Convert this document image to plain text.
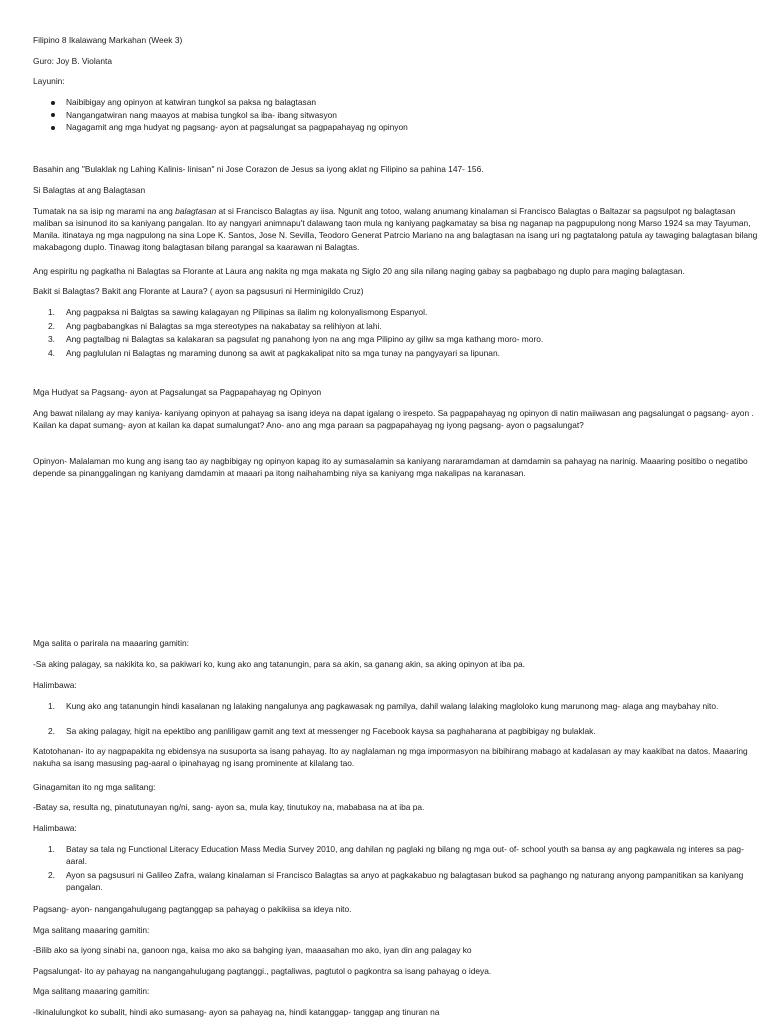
Filipino 8 Ikalawang Markahan (Week 3)

Guro: Joy B. Violanta

Layunin:

Naibibigay ang opinyon at katwiran tungkol sa paksa ng balagtasan
Nangangatwiran nang maayos at mabisa tungkol sa iba- ibang sitwasyon
Nagagamit ang mga hudyat ng pagsang- ayon at pagsalungat sa pagpapahayag ng opinyon

Basahin ang "Bulaklak ng Lahing Kalinis- linisan" ni Jose Corazon de Jesus sa iyong aklat ng Filipino sa pahina 147- 156.

Si Balagtas at ang Balagtasan

Tumatak na sa isip ng marami na ang balagtasan at si Francisco Balagtas ay iisa. Ngunit ang totoo, walang anumang kinalaman si Francisco Balagtas o Baltazar sa pagsulpot ng balagtasan maliban sa isinunod ito sa kaniyang pangalan. Ito ay nangyari animnapu't dalawang taon mula ng kaniyang pagkamatay sa bisa ng naganap na pagpupulong nong Marso 1924 sa may Tayuman, Manila. itinataya ng mga nagpulong na sina Lope K. Santos, Jose N. Sevilla, Teodoro Generat Patrcio Mariano na ang balagtasan na isang uri ng pagtatalong patula ay tawaging balagtasan bilang makabagong duplo. Tinawag itong balagtasan bilang parangal sa kaarawan ni Balagtas.

Ang espiritu ng pagkatha ni Balagtas sa Florante at Laura ang nakita ng mga makata ng Siglo 20 ang sila nilang naging gabay sa pagbabago ng duplo para maging balagtasan.

Bakit si Balagtas? Bakit ang Florante at Laura? ( ayon sa pagsusuri ni Herminigildo Cruz)

1. Ang pagpaksa ni Balgtas sa sawing kalagayan ng Pilipinas sa ilalim ng kolonyalismong Espanyol.
2. Ang pagbabangkas ni Balagtas sa mga stereotypes na nakabatay sa relihiyon at lahi.
3. Ang pagtalbag ni Balagtas sa kalakaran sa pagsulat ng panahong iyon na ang mga Pilipino ay giliw sa mga kathang moro- moro.
4. Ang paglululan ni Balagtas ng maraming dunong sa awit at pagkakalipat nito sa mga tunay na pangyayari sa lipunan.

Mga Hudyat sa Pagsang- ayon at Pagsalungat sa Pagpapahayag ng Opinyon

Ang bawat nilalang ay may kaniya- kaniyang opinyon at pahayag sa isang ideya na dapat igalang o irespeto. Sa pagpapahayag ng opinyon di natin maiiwasan ang pagsalungat o pagsang- ayon . Kailan ka dapat sumang- ayon at kailan ka dapat sumalungat? Ano- ano ang mga paraan sa pagpapahayag ng iyong pagsang- ayon o pagsalungat?

Opinyon- Malalaman mo kung ang isang tao ay nagbibigay ng opinyon kapag ito ay sumasalamin sa kaniyang nararamdaman at damdamin sa pahayag na narinig. Maaaring positibo o negatibo depende sa pinanggalingan ng kaniyang damdamin at maaari pa itong naihahambing niya sa kaniyang mga nakalipas na karanasan.

Mga salita o parirala na maaaring gamitin:

-Sa aking palagay, sa nakikita ko, sa pakiwari ko, kung ako ang tatanungin, para sa akin, sa ganang akin, sa aking opinyon at iba pa.

Halimbawa:

1. Kung ako ang tatanungin hindi kasalanan ng lalaking nangalunya ang pagkawasak ng pamilya, dahil walang lalaking magloloko kung marunong mag- alaga ang maybahay nito.
2. Sa aking palagay, higit na epektibo ang panliligaw gamit ang text at messenger ng Facebook kaysa sa paghaharana at pagbibigay ng bulaklak.

Katotohanan- ito ay nagpapakita ng ebidensya na susuporta sa isang pahayag. Ito ay naglalaman ng mga impormasyon na bibihirang mabago at kadalasan ay may kaakibat na datos. Maaaring nakuha sa isang masusing pag-aaral o ipinahayag ng isang prominente at kilalang tao.

Ginagamitan ito ng mga salitang:

-Batay sa, resulta ng, pinatutunayan ng/ni, sang- ayon sa, mula kay, tinutukoy na, mababasa na at iba pa.

Halimbawa:

1. Batay sa tala ng Functional Literacy Education Mass Media Survey 2010, ang dahilan ng paglaki ng bilang ng mga out- of- school youth sa bansa ay ang pagkawala ng interes sa pag- aaral.
2. Ayon sa pagsusuri ni Galileo Zafra, walang kinalaman si Francisco Balagtas sa anyo at pagkakabuo ng balagtasan bukod sa paghango ng naturang anyong pampanitikan sa kaniyang pangalan.

Pagsang- ayon- nangangahulugang pagtanggap sa pahayag o pakikiisa sa ideya nito.

Mga salitang maaaring gamitin:

-Bilib ako sa iyong sinabi na, ganoon nga, kaisa mo ako sa bahging iyan, maaasahan mo ako, iyan din ang palagay ko

Pagsalungat- ito ay pahayag na nangangahulugang pagtanggi., pagtaliwas, pagtutol o pagkontra sa isang pahayag o ideya.

Mga salitang maaaring gamitin:

-Ikinalulungkot ko subalit, hindi ako sumasang- ayon sa pahayag na, hindi katanggap- tanggap ang tinuran na
